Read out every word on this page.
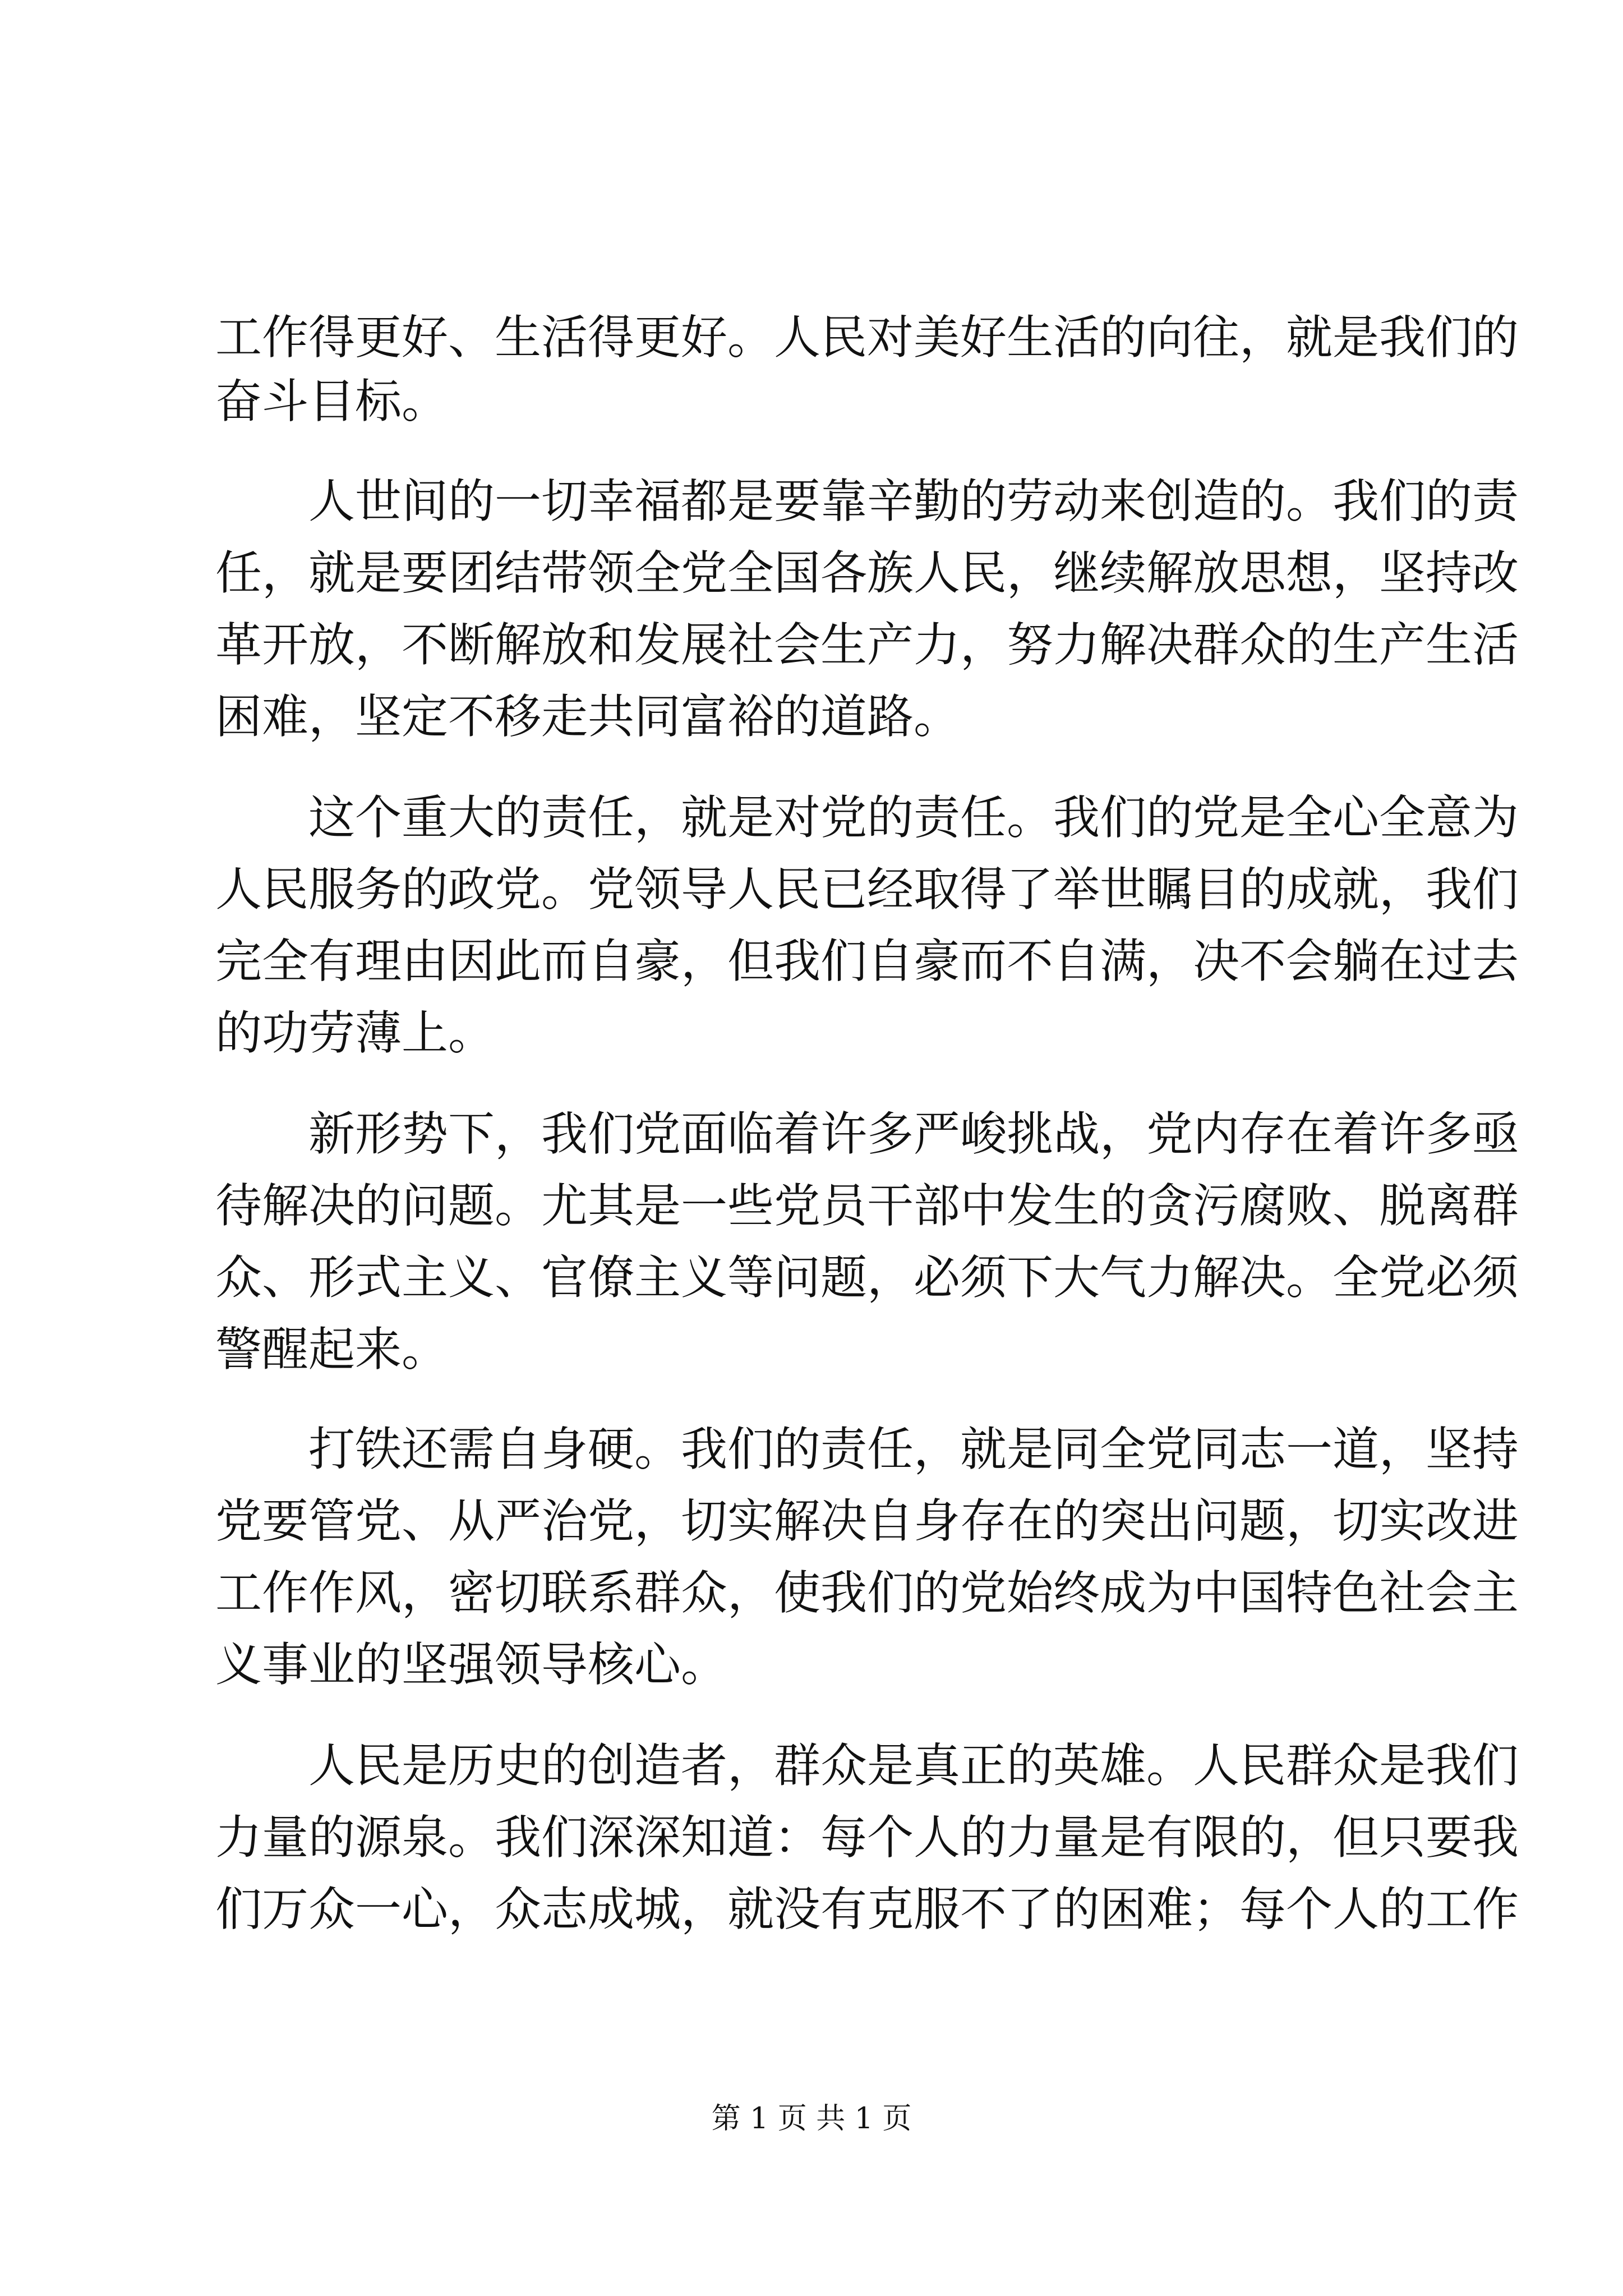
工作得更好、生活得更好。人民对美好生活的向往，就是我们的
奋斗目标。
　　人世间的一切幸福都是要靠辛勤的劳动来创造的。我们的责
任，就是要团结带领全党全国各族人民，继续解放思想，坚持改
革开放，不断解放和发展社会生产力，努力解决群众的生产生活
困难，坚定不移走共同富裕的道路。
　　这个重大的责任，就是对党的责任。我们的党是全心全意为
人民服务的政党。党领导人民已经取得了举世瞩目的成就，我们
完全有理由因此而自豪，但我们自豪而不自满，决不会躺在过去
的功劳薄上。
　　新形势下，我们党面临着许多严峻挑战，党内存在着许多亟
待解决的问题。尤其是一些党员干部中发生的贪污腐败、脱离群
众、形式主义、官僚主义等问题，必须下大气力解决。全党必须
警醒起来。
　　打铁还需自身硬。我们的责任，就是同全党同志一道，坚持
党要管党、从严治党，切实解决自身存在的突出问题，切实改进
工作作风，密切联系群众，使我们的党始终成为中国特色社会主
义事业的坚强领导核心。
　　人民是历史的创造者，群众是真正的英雄。人民群众是我们
力量的源泉。我们深深知道：每个人的力量是有限的，但只要我
们万众一心，众志成城，就没有克服不了的困难；每个人的工作
第 1 页 共 1 页
